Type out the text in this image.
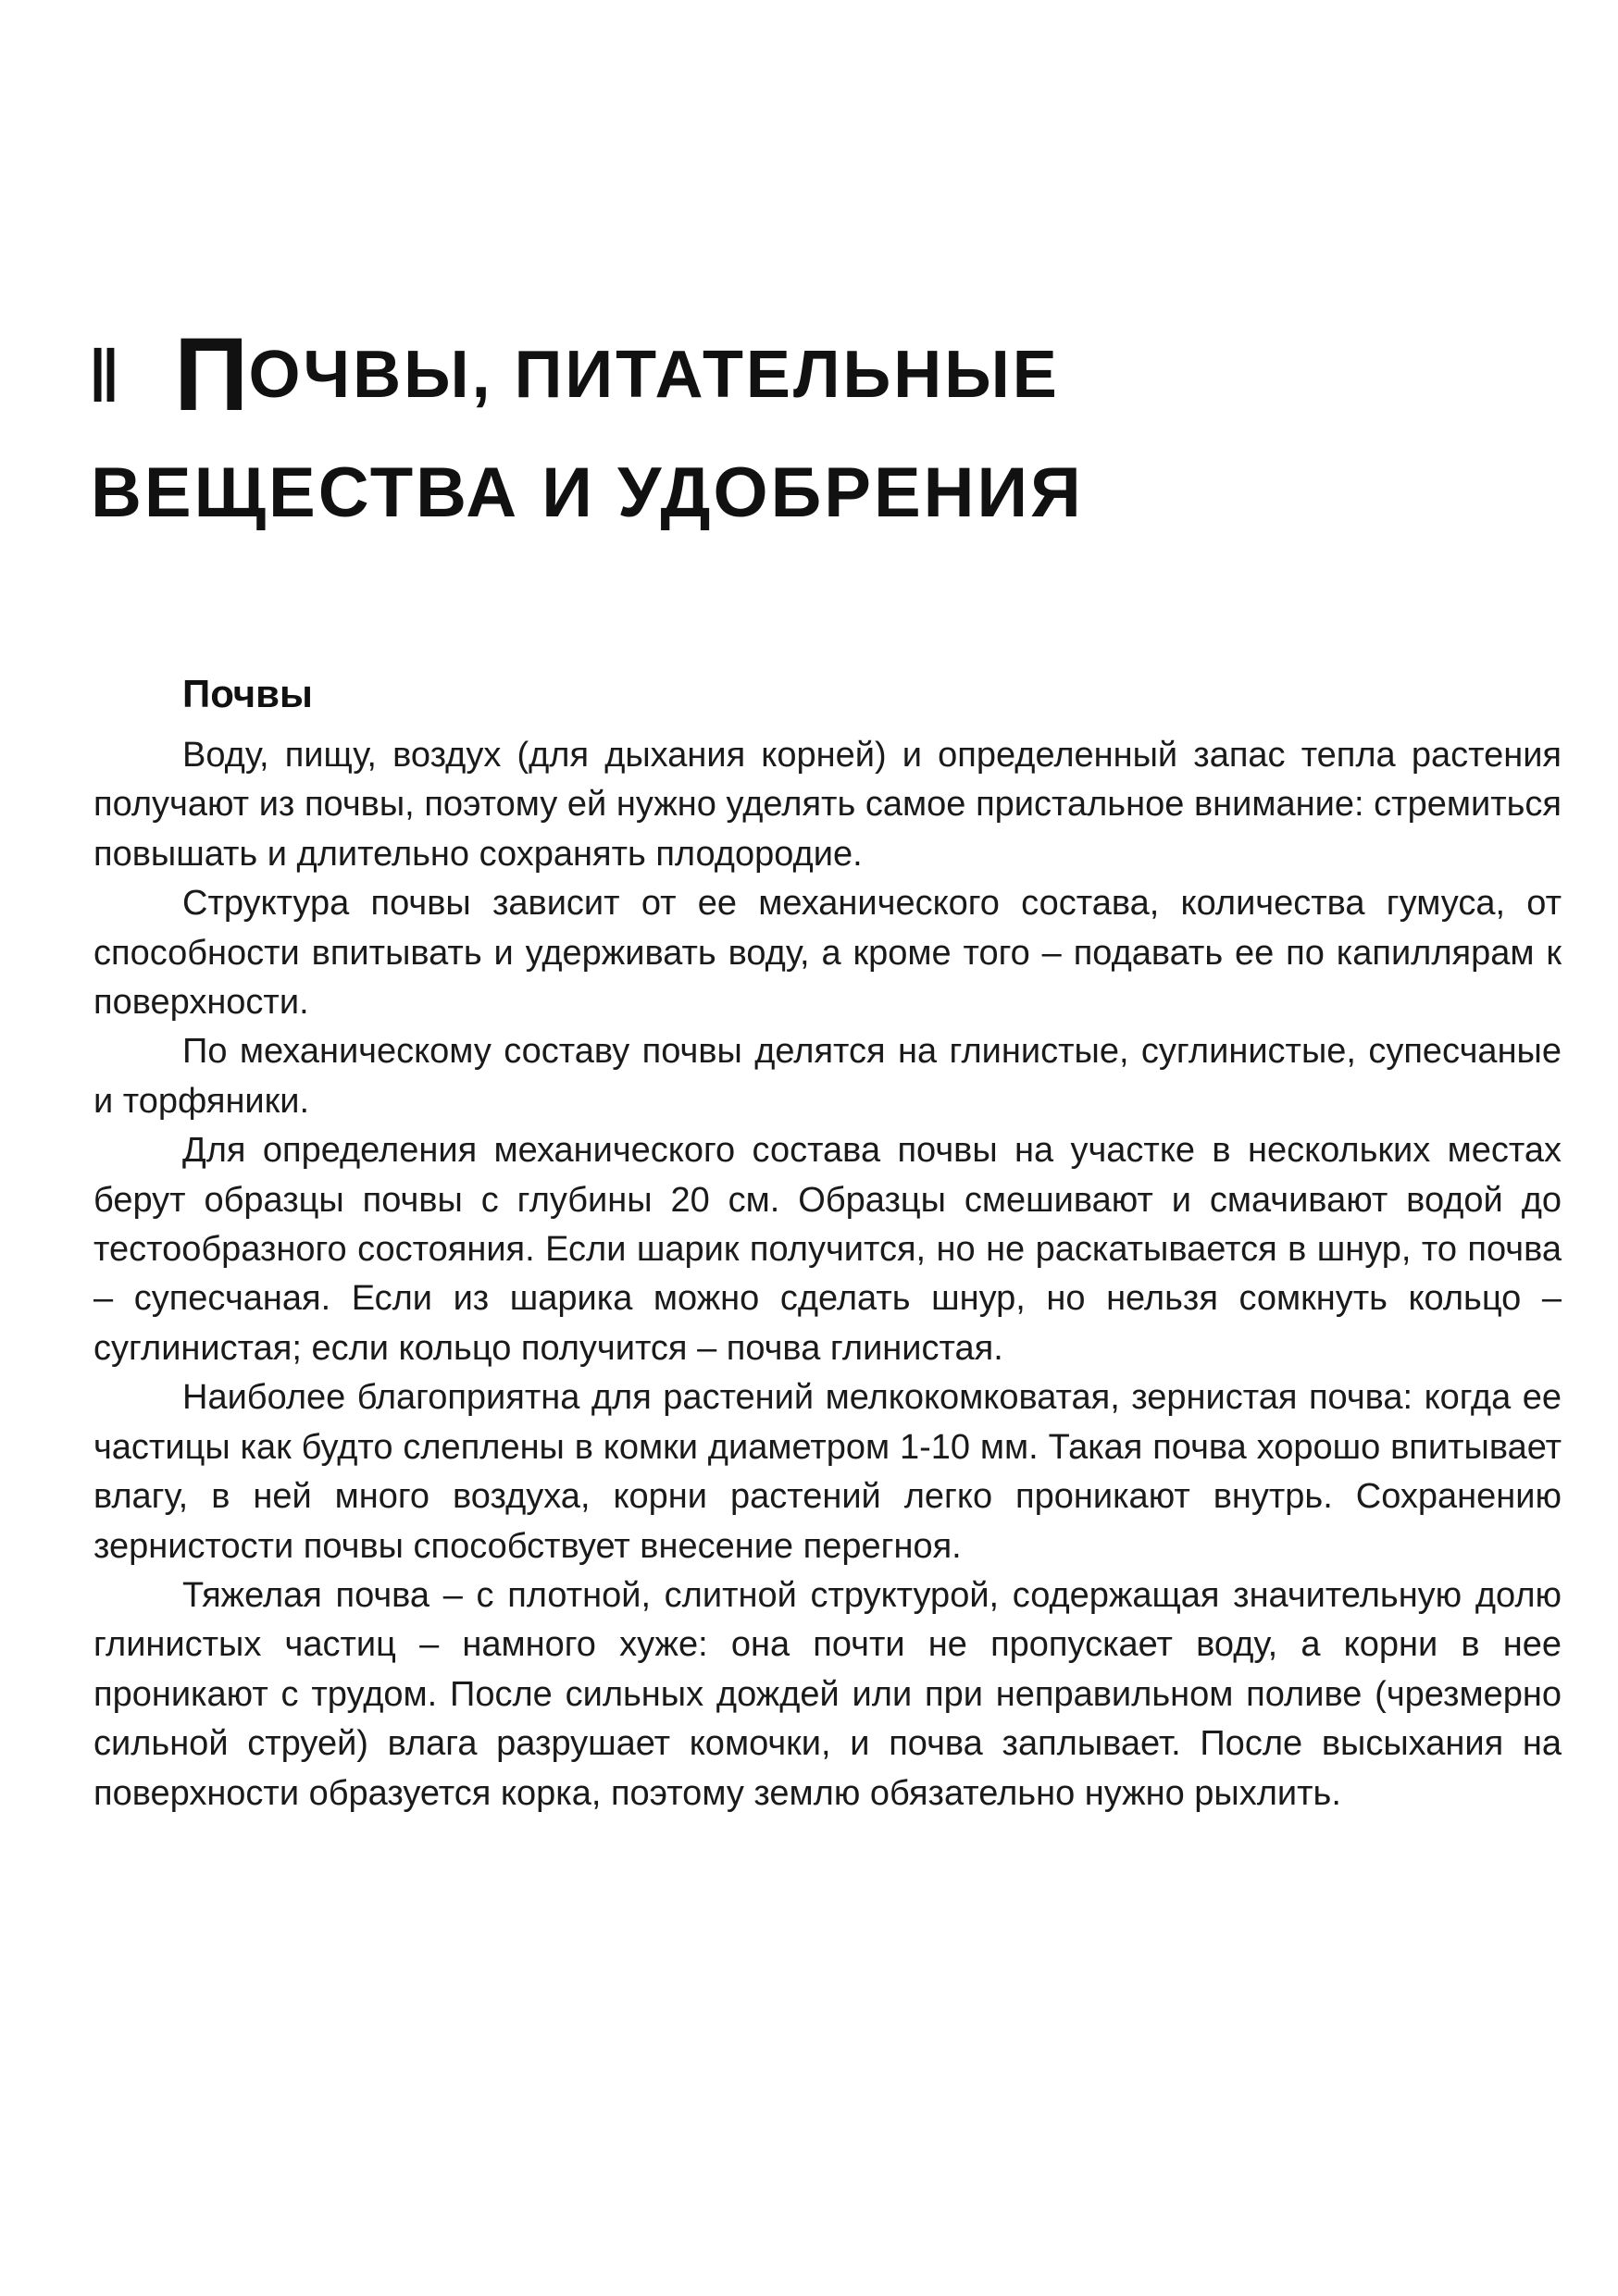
II П ОЧВЫ, ПИТАТЕЛЬНЫЕ
ВЕЩЕСТВА И УДОБРЕНИЯ
Почвы

Воду, пищу, воздух (для дыхания корней) и определенный запас тепла растения получают из почвы, поэтому ей нужно уделять самое пристальное внимание: стремиться повышать и длительно сохранять плодородие.

Структура почвы зависит от ее механического состава, количества гумуса, от способности впитывать и удерживать воду, а кроме того – подавать ее по капиллярам к поверхности.

По механическому составу почвы делятся на глинистые, суглинистые, супесчаные и торфяники.

Для определения механического состава почвы на участке в нескольких местах берут образцы почвы с глубины 20 см. Образцы смешивают и смачивают водой до тестообразного состояния. Если шарик получится, но не раскатывается в шнур, то почва – супесчаная. Если из шарика можно сделать шнур, но нельзя сомкнуть кольцо – суглинистая; если кольцо получится – почва глинистая.

Наиболее благоприятна для растений мелкокомковатая, зернистая почва: когда ее частицы как будто слеплены в комки диаметром 1-10 мм. Такая почва хорошо впитывает влагу, в ней много воздуха, корни растений легко проникают внутрь. Сохранению зернистости почвы способствует внесение перегноя.

Тяжелая почва – с плотной, слитной структурой, содержащая значительную долю глинистых частиц – намного хуже: она почти не пропускает воду, а корни в нее проникают с трудом. После сильных дождей или при неправильном поливе (чрезмерно сильной струей) влага разрушает комочки, и почва заплывает. После высыхания на поверхности образуется корка, поэтому землю обязательно нужно рыхлить.
